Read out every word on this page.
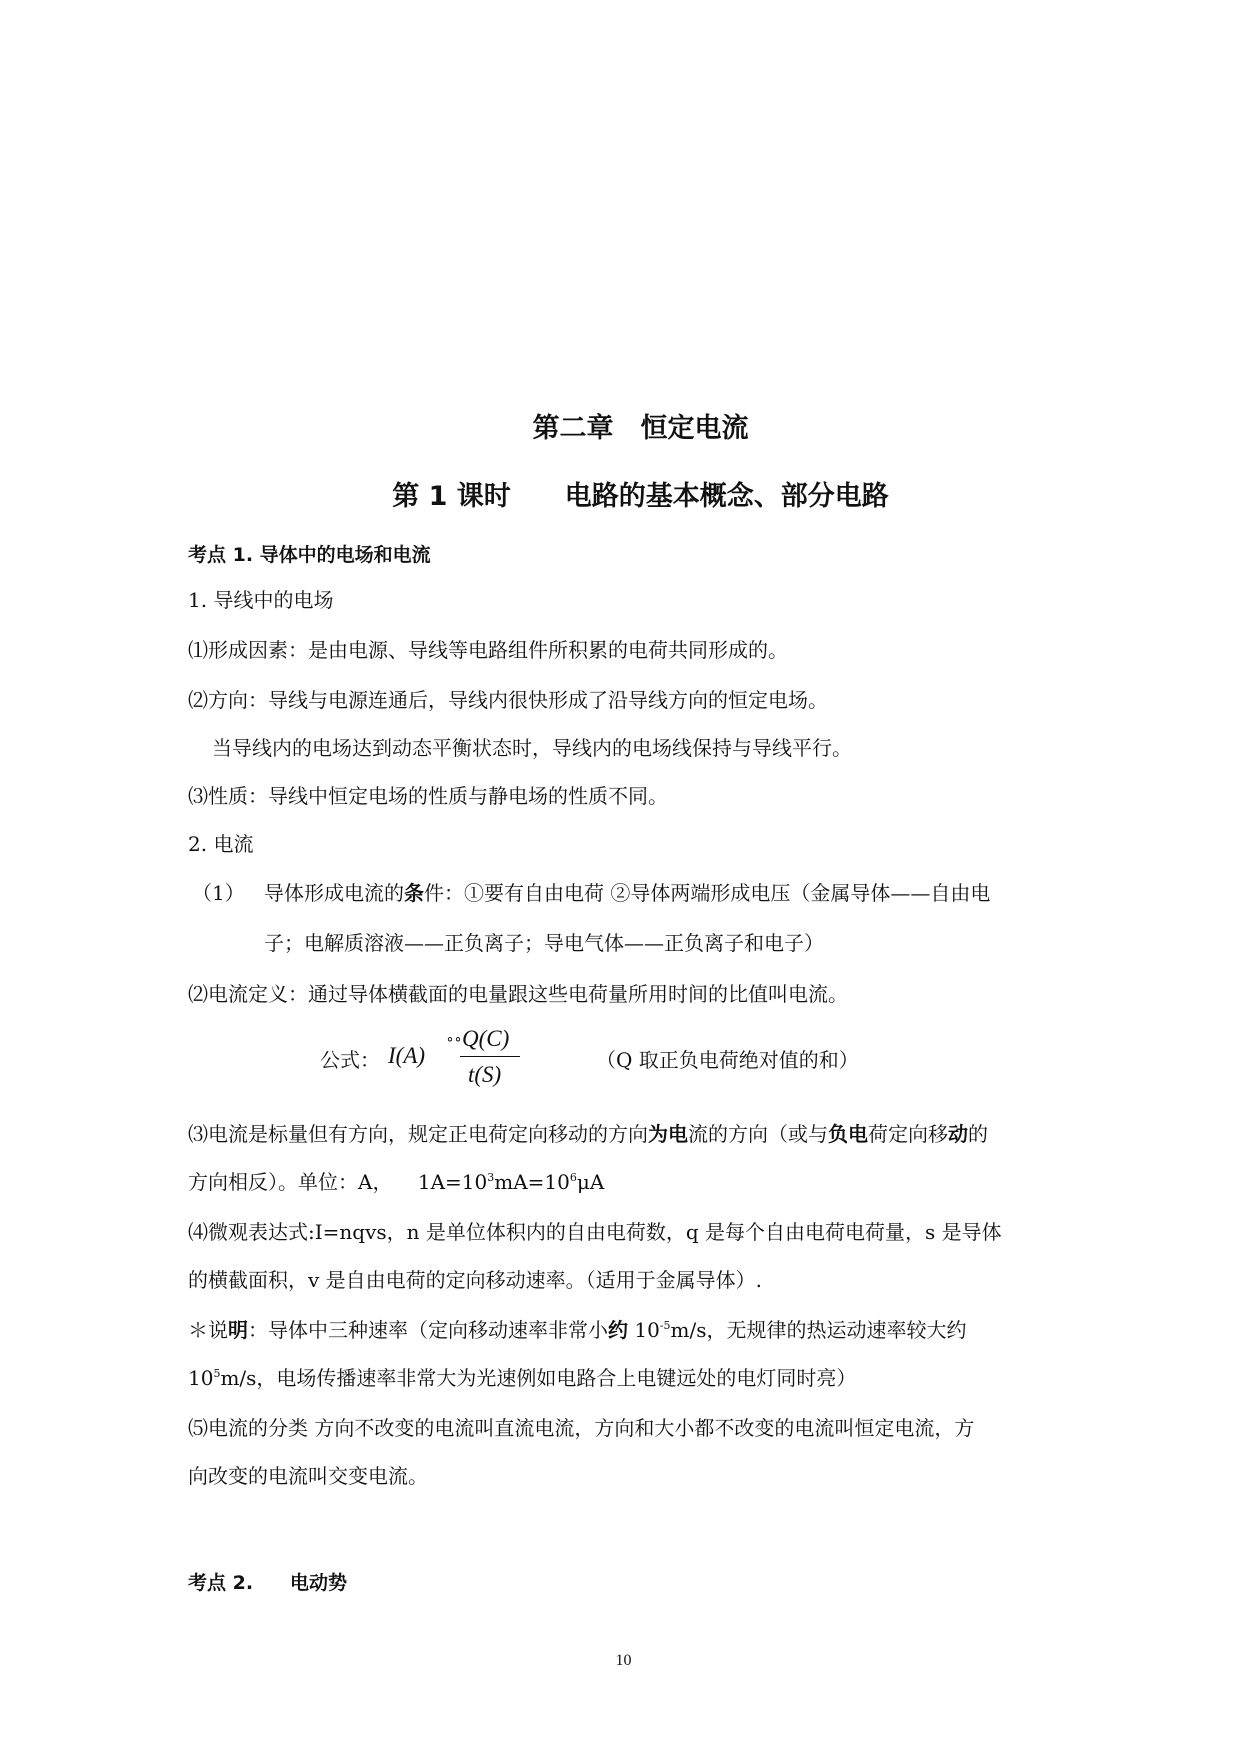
第二章　恒定电流
第 1 课时　　电路的基本概念、部分电路
考点 1. 导体中的电场和电流
1. 导线中的电场
⑴形成因素：是由电源、导线等电路组件所积累的电荷共同形成的。
⑵方向：导线与电源连通后，导线内很快形成了沿导线方向的恒定电场。
当导线内的电场达到动态平衡状态时，导线内的电场线保持与导线平行。
⑶性质：导线中恒定电场的性质与静电场的性质不同。
2. 电流
（1） 导体形成电流的条件：①要有自由电荷 ②导体两端形成电压（金属导体——自由电
子；电解质溶液——正负离子；导电气体——正负离子和电子）
⑵电流定义：通过导体横截面的电量跟这些电荷量所用时间的比值叫电流。
公式： I(A) ˚˚ Q(C)
t(S)
（Q 取正负电荷绝对值的和）
⑶电流是标量但有方向，规定正电荷定向移动的方向为电流的方向（或与负电荷定向移动的
方向相反）。单位：A，    $1A=10^3mA=10^6\mu A$
⑷微观表达式:I=nqvs，n 是单位体积内的自由电荷数，q 是每个自由电荷电荷量，s 是导体
的横截面积，v 是自由电荷的定向移动速率。（适用于金属导体）.
＊说明：导体中三种速率（定向移动速率非常小约 $10^{-5}m/s$，无规律的热运动速率较大约
$10^5m/s$，电场传播速率非常大为光速例如电路合上电键远处的电灯同时亮）
⑸电流的分类 方向不改变的电流叫直流电流，方向和大小都不改变的电流叫恒定电流，方
向改变的电流叫交变电流。
考点 2. 电动势
10
